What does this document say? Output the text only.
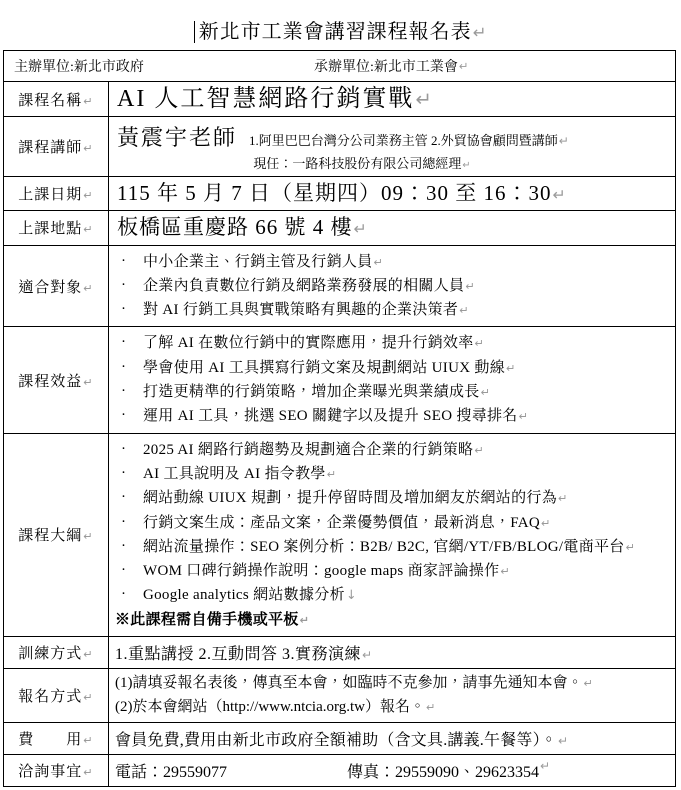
新北市工業會講習課程報名表↵
主辦單位:新北市政府 承辦單位:新北市工業會 ↵	

課程名稱↵	AI 人工智慧網路行銷實戰↵

課程講師↵	黃震宇老師 1.阿里巴巴台灣分公司業務主管 2.外貿協會顧問暨講師 ↵
現任：一路科技股份有限公司總經理↵

上課日期↵	115 年 5 月 7 日（星期四）09：30 至 16：30↵

上課地點↵	板橋區重慶路 66 號 4 樓↵

適合對象↵	
· 中小企業主、行銷主管及行銷人員↵
· 企業內負責數位行銷及網路業務發展的相關人員↵
· 對 AI 行銷工具與實戰策略有興趣的企業決策者↵

課程效益↵	
· 了解 AI 在數位行銷中的實際應用，提升行銷效率↵
· 學會使用 AI 工具撰寫行銷文案及規劃網站 UIUX 動線↵
· 打造更精準的行銷策略，增加企業曝光與業績成長↵
· 運用 AI 工具，挑選 SEO 關鍵字以及提升 SEO 搜尋排名↵

課程大綱↵	
· 2025 AI 網路行銷趨勢及規劃適合企業的行銷策略↵
· AI 工具說明及 AI 指令教學↵
· 網站動線 UIUX 規劃，提升停留時間及增加網友於網站的行為↵
· 行銷文案生成：產品文案，企業優勢價值，最新消息，FAQ↵
· 網站流量操作：SEO 案例分析：B2B/ B2C, 官網/YT/FB/BLOG/電商平台↵
· WOM 口碑行銷操作說明：google maps 商家評論操作↵
· Google analytics 網站數據分析↓
※此課程需自備手機或平板↵

訓練方式↵	1.重點講授 2.互動問答 3.實務演練↵

報名方式↵	(1)請填妥報名表後，傳真至本會，如臨時不克參加，請事先通知本會。↵
(2)於本會網站（http://www.ntcia.org.tw）報名。↵

費　　用↵	會員免費,費用由新北市政府全額補助（含文具.講義.午餐等）。↵

洽詢事宜↵	電話：29559077 傳真：29559090、29623354 ↵
